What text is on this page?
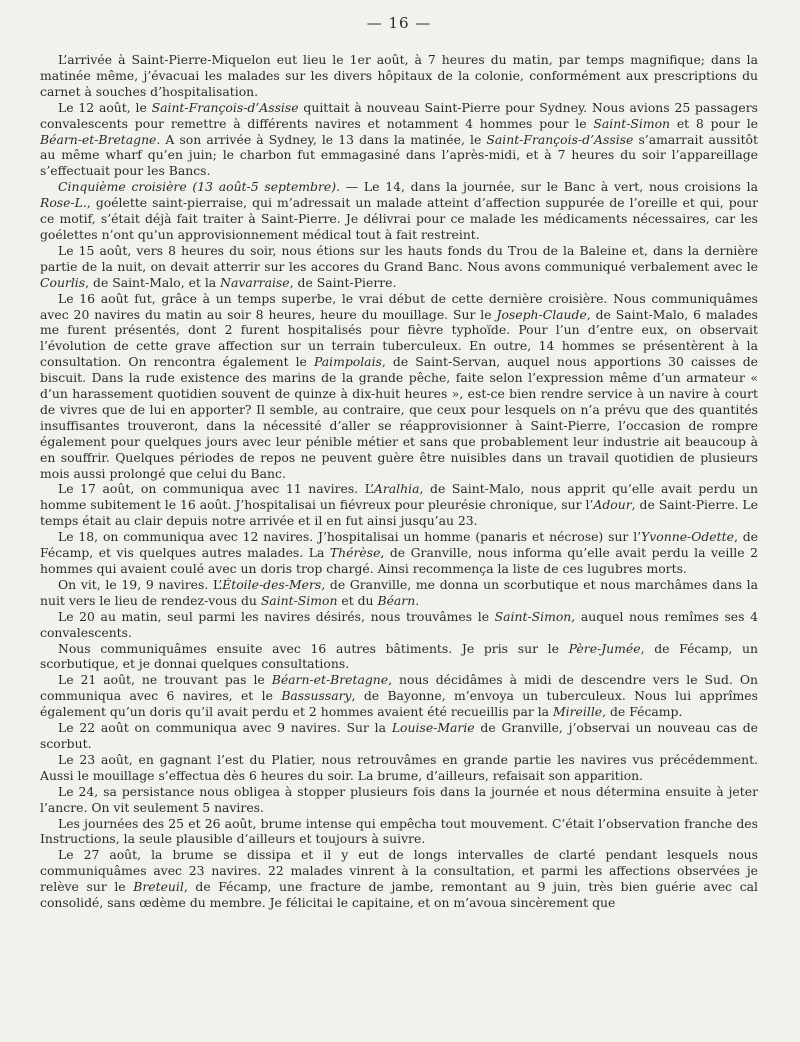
— 16 —

L’arrivée à Saint-Pierre-Miquelon eut lieu le 1er août, à 7 heures du matin, par temps magnifique; dans la matinée même, j’évacuai les malades sur les divers hôpitaux de la colonie, conformément aux prescriptions du carnet à souches d’hospitalisation.

Le 12 août, le Saint-François-d’Assise quittait à nouveau Saint-Pierre pour Sydney. Nous avions 25 passagers convalescents pour remettre à différents navires et notamment 4 hommes pour le Saint-Simon et 8 pour le Béarn-et-Bretagne. A son arrivée à Sydney, le 13 dans la matinée, le Saint-François-d’Assise s’amarrait aussitôt au même wharf qu’en juin; le charbon fut emmagasiné dans l’après-midi, et à 7 heures du soir l’appareillage s’effectuait pour les Bancs.

Cinquième croisière (13 août-5 septembre). — Le 14, dans la journée, sur le Banc à vert, nous croisions la Rose-L., goélette saint-pierraise, qui m’adressait un malade atteint d’affection suppurée de l’oreille et qui, pour ce motif, s’était déjà fait traiter à Saint-Pierre. Je délivrai pour ce malade les médicaments nécessaires, car les goélettes n’ont qu’un approvisionnement médical tout à fait restreint.

Le 15 août, vers 8 heures du soir, nous étions sur les hauts fonds du Trou de la Baleine et, dans la dernière partie de la nuit, on devait atterrir sur les accores du Grand Banc. Nous avons communiqué verbalement avec le Courlis, de Saint-Malo, et la Navarraise, de Saint-Pierre.

Le 16 août fut, grâce à un temps superbe, le vrai début de cette dernière croisière. Nous communiquâmes avec 20 navires du matin au soir 8 heures, heure du mouillage. Sur le Joseph-Claude, de Saint-Malo, 6 malades me furent présentés, dont 2 furent hospitalisés pour fièvre typhoïde. Pour l’un d’entre eux, on observait l’évolution de cette grave affection sur un terrain tuberculeux. En outre, 14 hommes se présentèrent à la consultation. On rencontra également le Paimpolais, de Saint-Servan, auquel nous apportions 30 caisses de biscuit. Dans la rude existence des marins de la grande pêche, faite selon l’expression même d’un armateur « d’un harassement quotidien souvent de quinze à dix-huit heures », est-ce bien rendre service à un navire à court de vivres que de lui en apporter? Il semble, au contraire, que ceux pour lesquels on n’a prévu que des quantités insuffisantes trouveront, dans la nécessité d’aller se réapprovisionner à Saint-Pierre, l’occasion de rompre également pour quelques jours avec leur pénible métier et sans que probablement leur industrie ait beaucoup à en souffrir. Quelques périodes de repos ne peuvent guère être nuisibles dans un travail quotidien de plusieurs mois aussi prolongé que celui du Banc.

Le 17 août, on communiqua avec 11 navires. L’Aralhia, de Saint-Malo, nous apprit qu’elle avait perdu un homme subitement le 16 août. J’hospitalisai un fiévreux pour pleurésie chronique, sur l’Adour, de Saint-Pierre. Le temps était au clair depuis notre arrivée et il en fut ainsi jusqu’au 23.

Le 18, on communiqua avec 12 navires. J’hospitalisai un homme (panaris et nécrose) sur l’Yvonne-Odette, de Fécamp, et vis quelques autres malades. La Thérèse, de Granville, nous informa qu’elle avait perdu la veille 2 hommes qui avaient coulé avec un doris trop chargé. Ainsi recommença la liste de ces lugubres morts.

On vit, le 19, 9 navires. L’Étoile-des-Mers, de Granville, me donna un scorbutique et nous marchâmes dans la nuit vers le lieu de rendez-vous du Saint-Simon et du Béarn.

Le 20 au matin, seul parmi les navires désirés, nous trouvâmes le Saint-Simon, auquel nous remîmes ses 4 convalescents.

Nous communiquâmes ensuite avec 16 autres bâtiments. Je pris sur le Père-Jumée, de Fécamp, un scorbutique, et je donnai quelques consultations.

Le 21 août, ne trouvant pas le Béarn-et-Bretagne, nous décidâmes à midi de descendre vers le Sud. On communiqua avec 6 navires, et le Bassussary, de Bayonne, m’envoya un tuberculeux. Nous lui apprîmes également qu’un doris qu’il avait perdu et 2 hommes avaient été recueillis par la Mireille, de Fécamp.

Le 22 août on communiqua avec 9 navires. Sur la Louise-Marie de Granville, j’observai un nouveau cas de scorbut.

Le 23 août, en gagnant l’est du Platier, nous retrouvâmes en grande partie les navires vus précédemment. Aussi le mouillage s’effectua dès 6 heures du soir. La brume, d’ailleurs, refaisait son apparition.

Le 24, sa persistance nous obligea à stopper plusieurs fois dans la journée et nous détermina ensuite à jeter l’ancre. On vit seulement 5 navires.

Les journées des 25 et 26 août, brume intense qui empêcha tout mouvement. C’était l’observation franche des Instructions, la seule plausible d’ailleurs et toujours à suivre.

Le 27 août, la brume se dissipa et il y eut de longs intervalles de clarté pendant lesquels nous communiquâmes avec 23 navires. 22 malades vinrent à la consultation, et parmi les affections observées je relève sur le Breteuil, de Fécamp, une fracture de jambe, remontant au 9 juin, très bien guérie avec cal consolidé, sans œdème du membre. Je félicitai le capitaine, et on m’avoua sincèrement que
